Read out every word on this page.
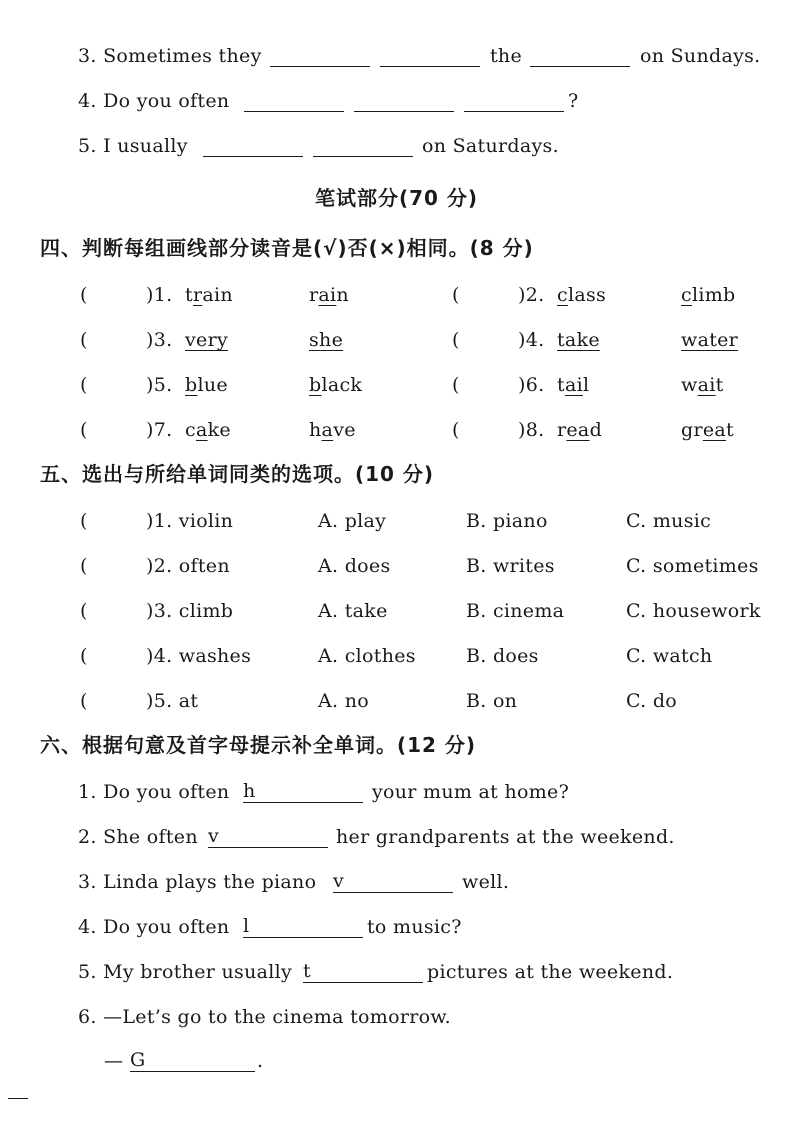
3. Sometimes they	the	on Sundays.
4. Do you often	?
5. I usually	on Saturdays.
笔试部分(70 分)
四、判断每组画线部分读音是(√)否(×)相同。(8 分)
(	)1. train	rain	(	)2. class	climb
(	)3. very	she	(	)4. take	water
(	)5. blue	black	(	)6. tail	wait
(	)7. cake	have	(	)8. read	great
五、选出与所给单词同类的选项。(10 分)
(	)1. violin	A. play	B. piano	C. music
(	)2. often	A. does	B. writes	C. sometimes
(	)3. climb	A. take	B. cinema	C. housework
(	)4. washes	A. clothes	B. does	C. watch
(	)5. at	A. no	B. on	C. do
六、根据句意及首字母提示补全单词。(12 分)
1. Do you often h	your mum at home?
2. She often v	her grandparents at the weekend.
3. Linda plays the piano v	well.
4. Do you often l	to music?
5. My brother usually t	pictures at the weekend.
6. —Let’s go to the cinema tomorrow.
— G	.
